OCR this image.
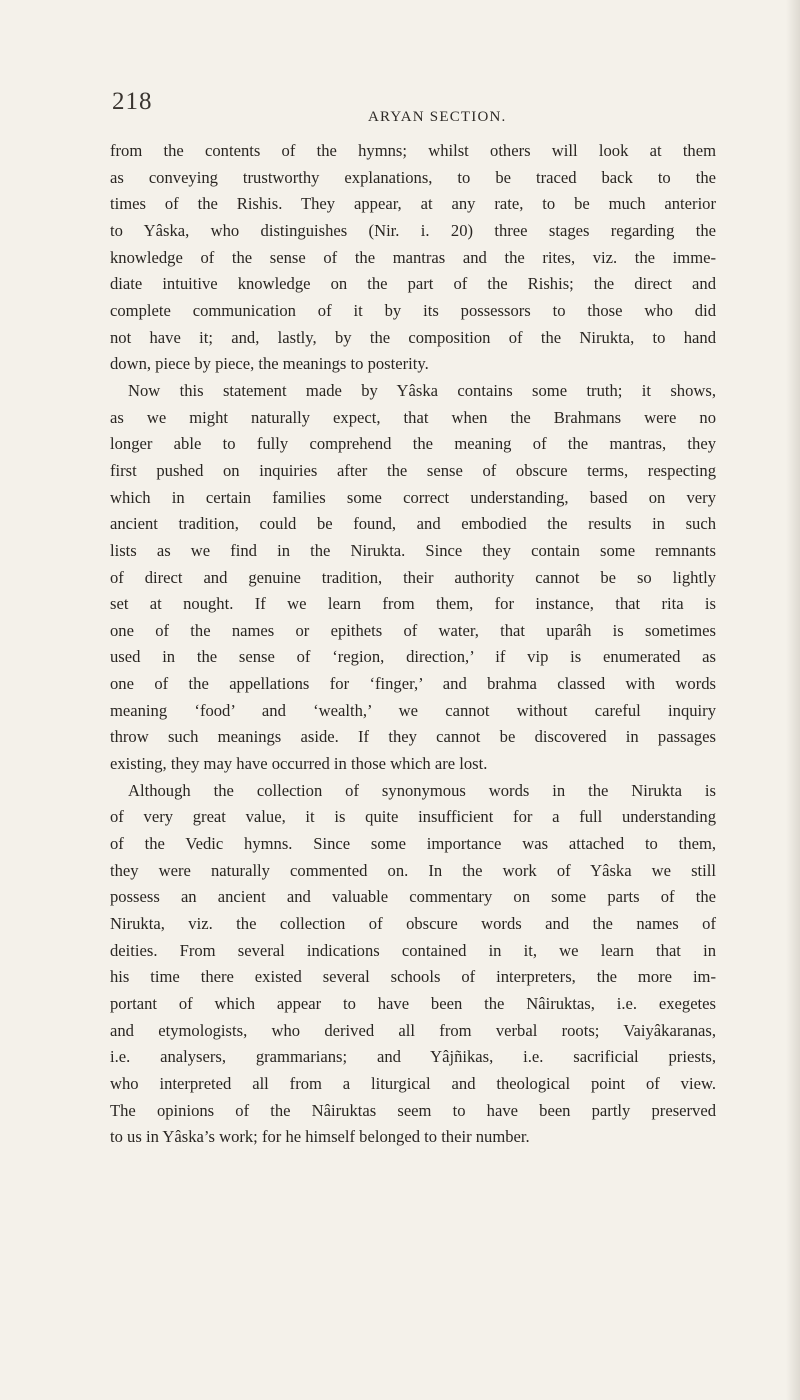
218
ARYAN SECTION.
from the contents of the hymns; whilst others will look at them
as conveying trustworthy explanations, to be traced back to the
times of the Rishis. They appear, at any rate, to be much anterior
to Yâska, who distinguishes (Nir. i. 20) three stages regarding the
knowledge of the sense of the mantras and the rites, viz. the imme-
diate intuitive knowledge on the part of the Rishis; the direct and
complete communication of it by its possessors to those who did
not have it; and, lastly, by the composition of the Nirukta, to hand
down, piece by piece, the meanings to posterity.
Now this statement made by Yâska contains some truth; it shows,
as we might naturally expect, that when the Brahmans were no
longer able to fully comprehend the meaning of the mantras, they
first pushed on inquiries after the sense of obscure terms, respecting
which in certain families some correct understanding, based on very
ancient tradition, could be found, and embodied the results in such
lists as we find in the Nirukta. Since they contain some remnants
of direct and genuine tradition, their authority cannot be so lightly
set at nought. If we learn from them, for instance, that rita is
one of the names or epithets of water, that uparâh is sometimes
used in the sense of ‘region, direction,’ if vip is enumerated as
one of the appellations for ‘finger,’ and brahma classed with words
meaning ‘food’ and ‘wealth,’ we cannot without careful inquiry
throw such meanings aside. If they cannot be discovered in passages
existing, they may have occurred in those which are lost.
Although the collection of synonymous words in the Nirukta is
of very great value, it is quite insufficient for a full understanding
of the Vedic hymns. Since some importance was attached to them,
they were naturally commented on. In the work of Yâska we still
possess an ancient and valuable commentary on some parts of the
Nirukta, viz. the collection of obscure words and the names of
deities. From several indications contained in it, we learn that in
his time there existed several schools of interpreters, the more im-
portant of which appear to have been the Nâiruktas, i.e. exegetes
and etymologists, who derived all from verbal roots; Vaiyâkaranas,
i.e. analysers, grammarians; and Yâjñikas, i.e. sacrificial priests,
who interpreted all from a liturgical and theological point of view.
The opinions of the Nâiruktas seem to have been partly preserved
to us in Yâska’s work; for he himself belonged to their number.
